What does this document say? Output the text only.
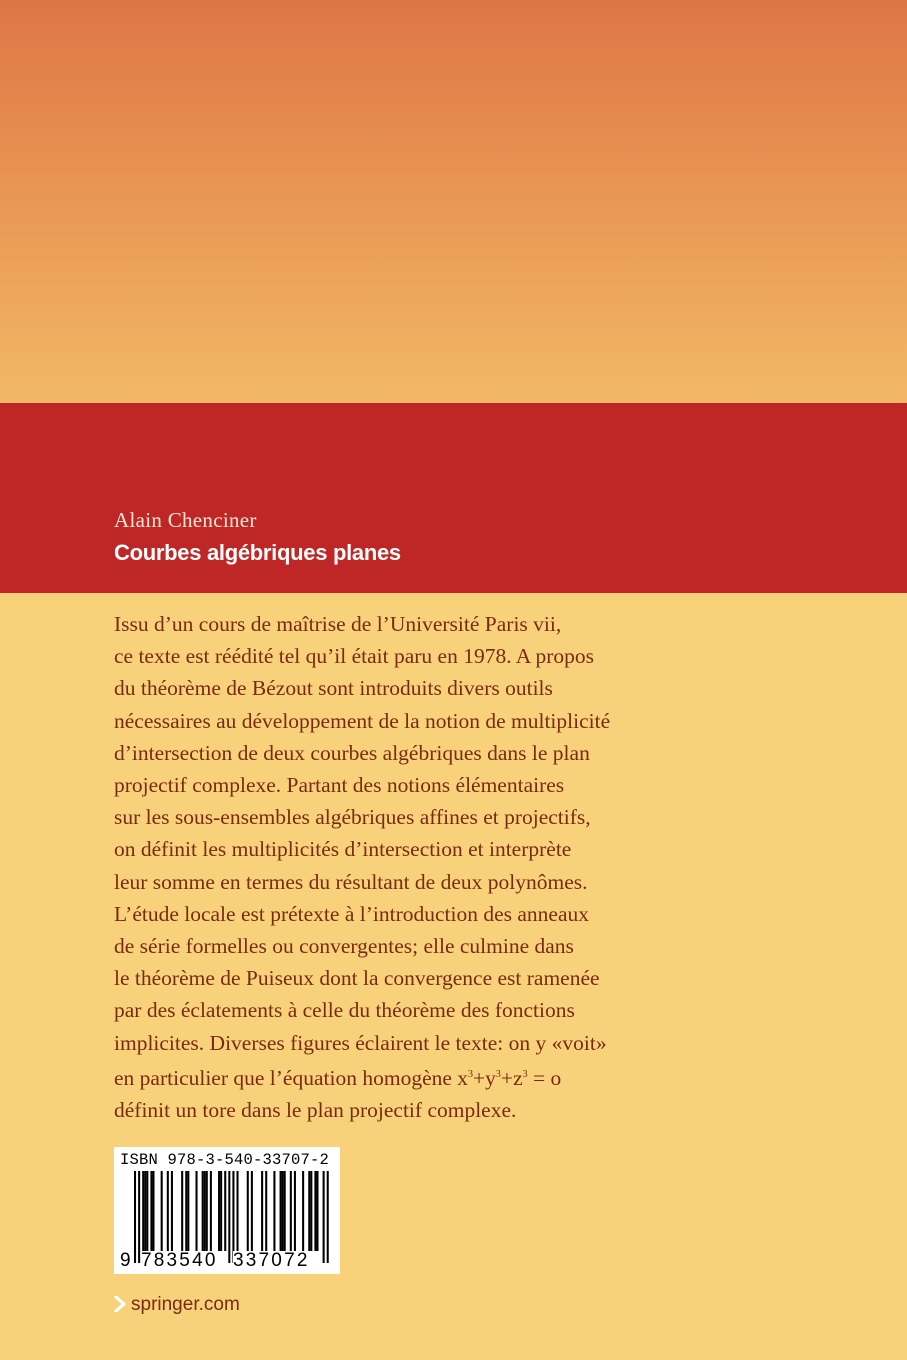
Alain Chenciner
Courbes algébriques planes
Issu d’un cours de maîtrise de l’Université Paris vii,
ce texte est réédité tel qu’il était paru en 1978. A propos
du théorème de Bézout sont introduits divers outils
nécessaires au développement de la notion de multiplicité
d’intersection de deux courbes algébriques dans le plan
projectif complexe. Partant des notions élémentaires
sur les sous-ensembles algébriques affines et projectifs,
on définit les multiplicités d’intersection et interprète
leur somme en termes du résultant de deux polynômes.
L’étude locale est prétexte à l’introduction des anneaux
de série formelles ou convergentes; elle culmine dans
le théorème de Puiseux dont la convergence est ramenée
par des éclatements à celle du théorème des fonctions
implicites. Diverses figures éclairent le texte: on y «voit»
en particulier que l’équation homogène $x^3+y^3+z^3 = o$
définit un tore dans le plan projectif complexe.
ISBN 978-3-540-33707-2
9 783540 337072
springer.com
